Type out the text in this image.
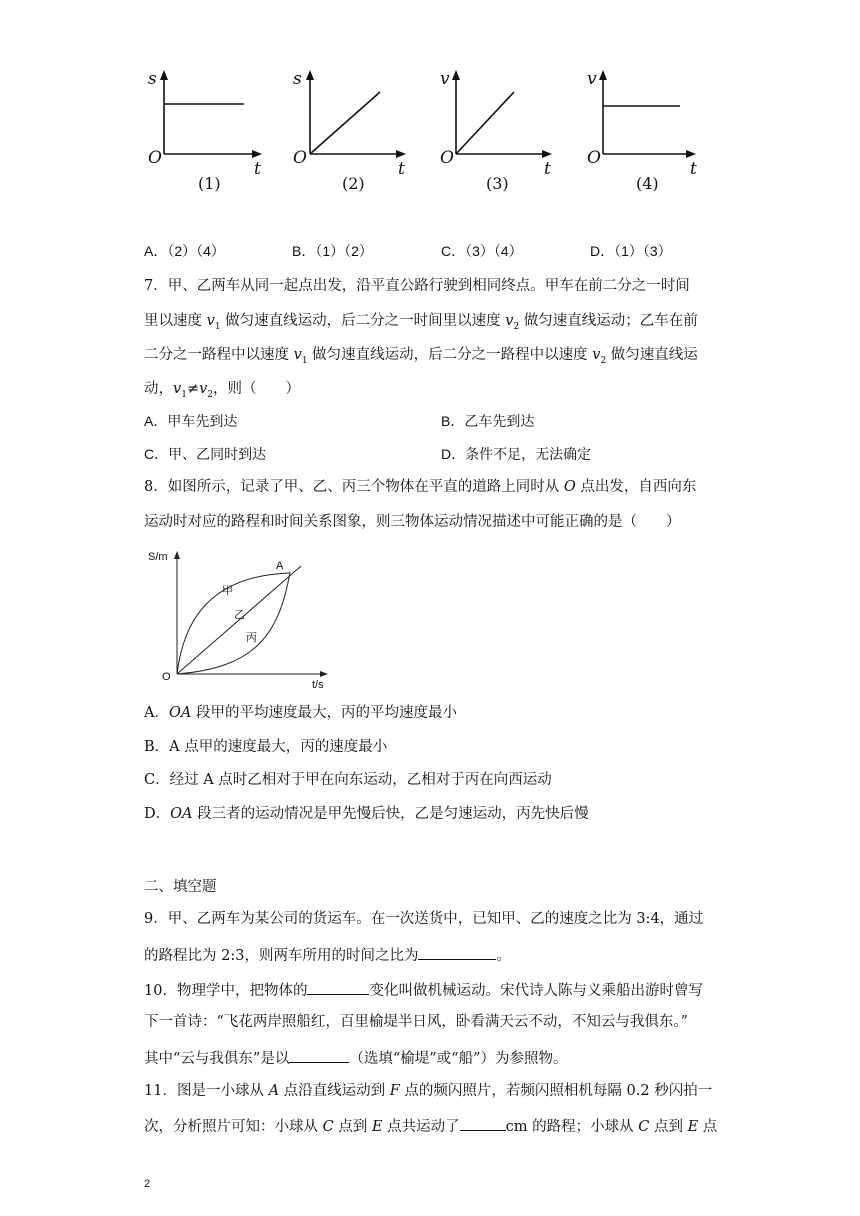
s
O
t
(1)
s
O
t
(2)
v
O
t
(3)
v
O
t
(4)
A．（2）（4）	B．（1）（2）	C．（3）（4）	D．（1）（3）
7．甲、乙两车从同一起点出发，沿平直公路行驶到相同终点。甲车在前二分之一时间
里以速度 $v_1$ 做匀速直线运动，后二分之一时间里以速度 $v_2$ 做匀速直线运动；乙车在前
二分之一路程中以速度 $v_1$ 做匀速直线运动，后二分之一路程中以速度 $v_2$ 做匀速直线运
动，$v_1\ne v_2$，则（　　）
A．甲车先到达	B．乙车先到达
C．甲、乙同时到达	D．条件不足，无法确定
8．如图所示，记录了甲、乙、丙三个物体在平直的道路上同时从 O 点出发，自西向东
运动时对应的路程和时间关系图象，则三物体运动情况描述中可能正确的是（　　）
S/m
O
t/s
甲
乙
丙
A
A．OA 段甲的平均速度最大，丙的平均速度最小
B．A 点甲的速度最大，丙的速度最小
C．经过 A 点时乙相对于甲在向东运动，乙相对于丙在向西运动
D．OA 段三者的运动情况是甲先慢后快，乙是匀速运动，丙先快后慢
二、填空题
9．甲、乙两车为某公司的货运车。在一次送货中，已知甲、乙的速度之比为 3:4，通过
的路程比为 2:3，则两车所用的时间之比为	。
10．物理学中，把物体的	变化叫做机械运动。宋代诗人陈与义乘船出游时曾写
下一首诗：“飞花两岸照船红，百里榆堤半日风，卧看满天云不动，不知云与我俱东。”
其中“云与我俱东”是以	（选填“榆堤”或“船”）为参照物。
11．图是一小球从 A 点沿直线运动到 F 点的频闪照片，若频闪照相机每隔 0.2 秒闪拍一
次，分析照片可知：小球从 C 点到 E 点共运动了	cm 的路程；小球从 C 点到 E 点
2
